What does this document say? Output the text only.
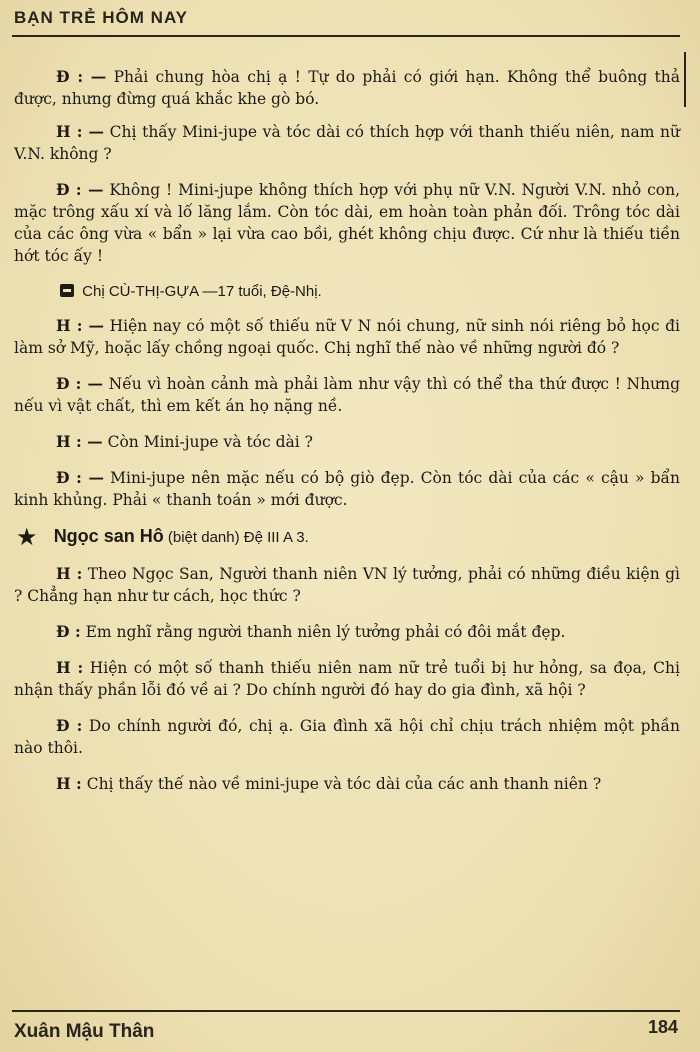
BẠN TRẺ HÔM NAY

Đ : — Phải chung hòa chị ạ ! Tự do phải có giới hạn. Không thể buông thả được, nhưng đừng quá khắc khe gò bó.

H : — Chị thấy Mini-jupe và tóc dài có thích hợp với thanh thiếu niên, nam nữ V.N. không ?

Đ : — Không ! Mini-jupe không thích hợp với phụ nữ V.N. Người V.N. nhỏ con, mặc trông xấu xí và lố lăng lắm. Còn tóc dài, em hoàn toàn phản đối. Trông tóc dài của các ông vừa « bẩn » lại vừa cao bồi, ghét không chịu được. Cứ như là thiếu tiền hớt tóc ấy !

Chị CÙ-THỊ-GỰA —17 tuổi, Đệ-Nhị.

H : — Hiện nay có một số thiếu nữ V N nói chung, nữ sinh nói riêng bỏ học đi làm sở Mỹ, hoặc lấy chồng ngoại quốc. Chị nghĩ thế nào về những người đó ?

Đ : — Nếu vì hoàn cảnh mà phải làm như vậy thì có thể tha thứ được ! Nhưng nếu vì vật chất, thì em kết án họ nặng nề.

H : — Còn Mini-jupe và tóc dài ?

Đ : — Mini-jupe nên mặc nếu có bộ giò đẹp. Còn tóc dài của các « cậu » bẩn kinh khủng. Phải « thanh toán » mới được.

★ Ngọc san Hô (biệt danh) Đệ III A 3.

H : Theo Ngọc San, Người thanh niên VN lý tưởng, phải có những điều kiện gì ? Chẳng hạn như tư cách, học thức ?

Đ : Em nghĩ rằng người thanh niên lý tưởng phải có đôi mắt đẹp.

H : Hiện có một số thanh thiếu niên nam nữ trẻ tuổi bị hư hỏng, sa đọa, Chị nhận thấy phần lỗi đó về ai ? Do chính người đó hay do gia đình, xã hội ?

Đ : Do chính người đó, chị ạ. Gia đình xã hội chỉ chịu trách nhiệm một phần nào thôi.

H : Chị thấy thế nào về mini-jupe và tóc dài của các anh thanh niên ?

Xuân Mậu Thân	184
